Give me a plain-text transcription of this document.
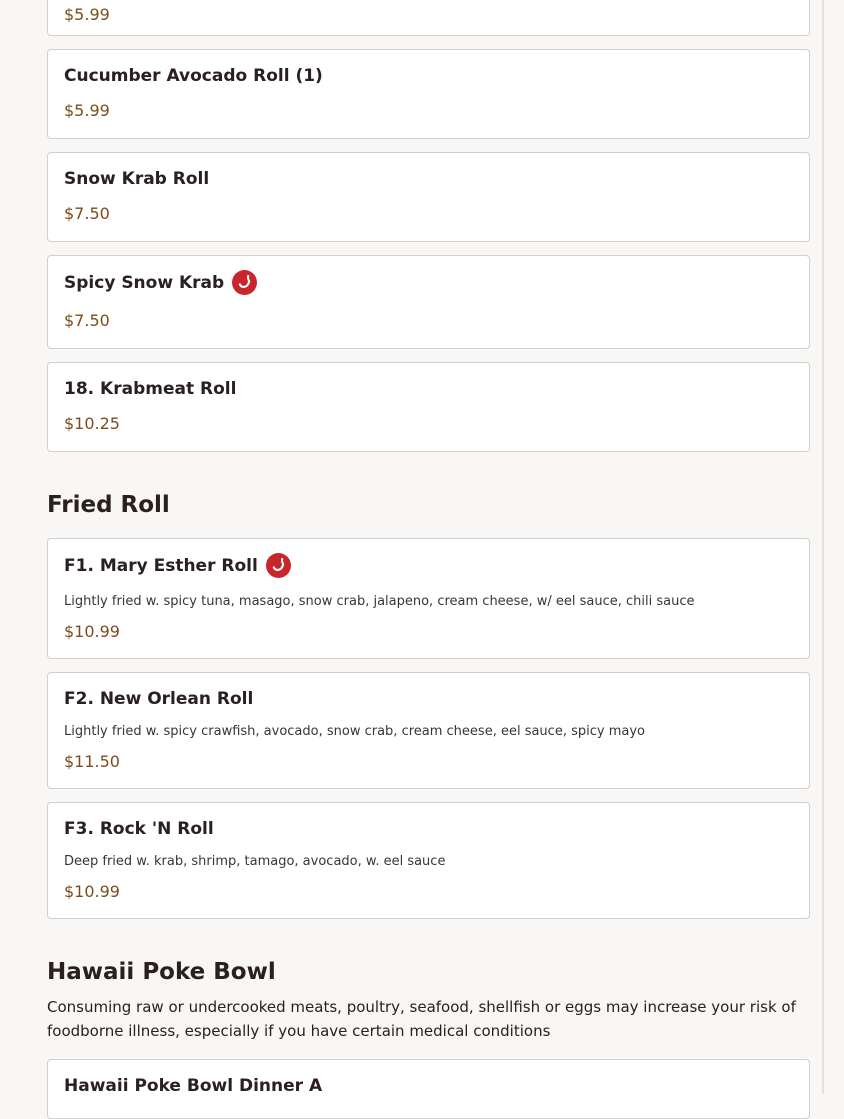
$5.99

Cucumber Avocado Roll (1)

$5.99

Snow Krab Roll

$7.50

Spicy Snow Krab

$7.50

18. Krabmeat Roll

$10.25

Fried Roll

F1. Mary Esther Roll

Lightly fried w. spicy tuna, masago, snow crab, jalapeno, cream cheese, w/ eel sauce, chili sauce

$10.99

F2. New Orlean Roll

Lightly fried w. spicy crawfish, avocado, snow crab, cream cheese, eel sauce, spicy mayo

$11.50

F3. Rock 'N Roll

Deep fried w. krab, shrimp, tamago, avocado, w. eel sauce

$10.99

Hawaii Poke Bowl

Consuming raw or undercooked meats, poultry, seafood, shellfish or eggs may increase your risk of foodborne illness, especially if you have certain medical conditions

Hawaii Poke Bowl Dinner A
